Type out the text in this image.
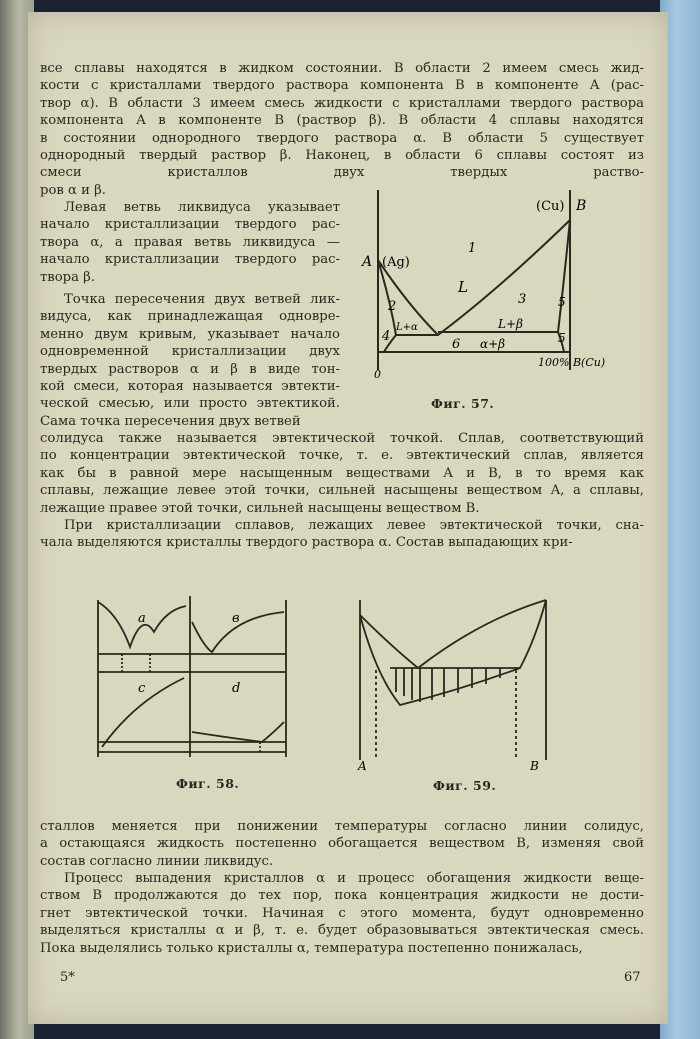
все сплавы находятся в жидком состоянии. В области 2 имеем смесь жид-
кости с кристаллами твердого раствора компонента B в компоненте A (рас-
твор α). В области 3 имеем смесь жидкости с кристаллами твердого раствора
компонента A в компоненте B (раствор β). В области 4 сплавы находятся
в состоянии однородного твердого раствора α. В области 5 существует
однородный твердый раствор β. Наконец, в области 6 сплавы состоят из
смеси кристаллов двух твердых раство-
ров α и β.
Левая ветвь ликвидуса указывает
начало кристаллизации твердого рас-
твора α, а правая ветвь ликвидуса —
начало кристаллизации твердого рас-
твора β.
Точка пересечения двух ветвей лик-
видуса, как принадлежащая одновре-
менно двум кривым, указывает начало
одновременной кристаллизации двух
твердых растворов α и β в виде тон-
кой смеси, которая называется эвтекти-
ческой смесью, или просто эвтектикой.
Сама точка пересечения двух ветвей
солидуса также называется эвтектической точкой. Сплав, соответствующий
по концентрации эвтектической точке, т. е. эвтектический сплав, является
как бы в равной мере насыщенным веществами A и B, в то время как
сплавы, лежащие левее этой точки, сильней насыщены веществом A, а сплавы,
лежащие правее этой точки, сильней насыщены веществом B.
При кристаллизации сплавов, лежащих левее эвтектической точки, сна-
чала выделяются кристаллы твердого раствора α. Состав выпадающих кри-
сталлов меняется при понижении температуры согласно линии солидус,
а остающаяся жидкость постепенно обогащается веществом B, изменяя свой
состав согласно линии ликвидус.
Процесс выпадения кристаллов α и процесс обогащения жидкости веще-
ством B продолжаются до тех пор, пока концентрация жидкости не дости-
гнет эвтектической точки. Начиная с этого момента, будут одновременно
выделяться кристаллы α и β, т. е. будет образовываться эвтектическая смесь.
Пока выделялись только кристаллы α, температура постепенно понижалась,
A (Ag)
(Cu) B
1
L
2	3
L+α	L+β
4
5
5
6 α+β
0
100% B(Cu)
Фиг. 57.
a	в
c	d
Фиг. 58.
A	B
Фиг. 59.
5*	67
